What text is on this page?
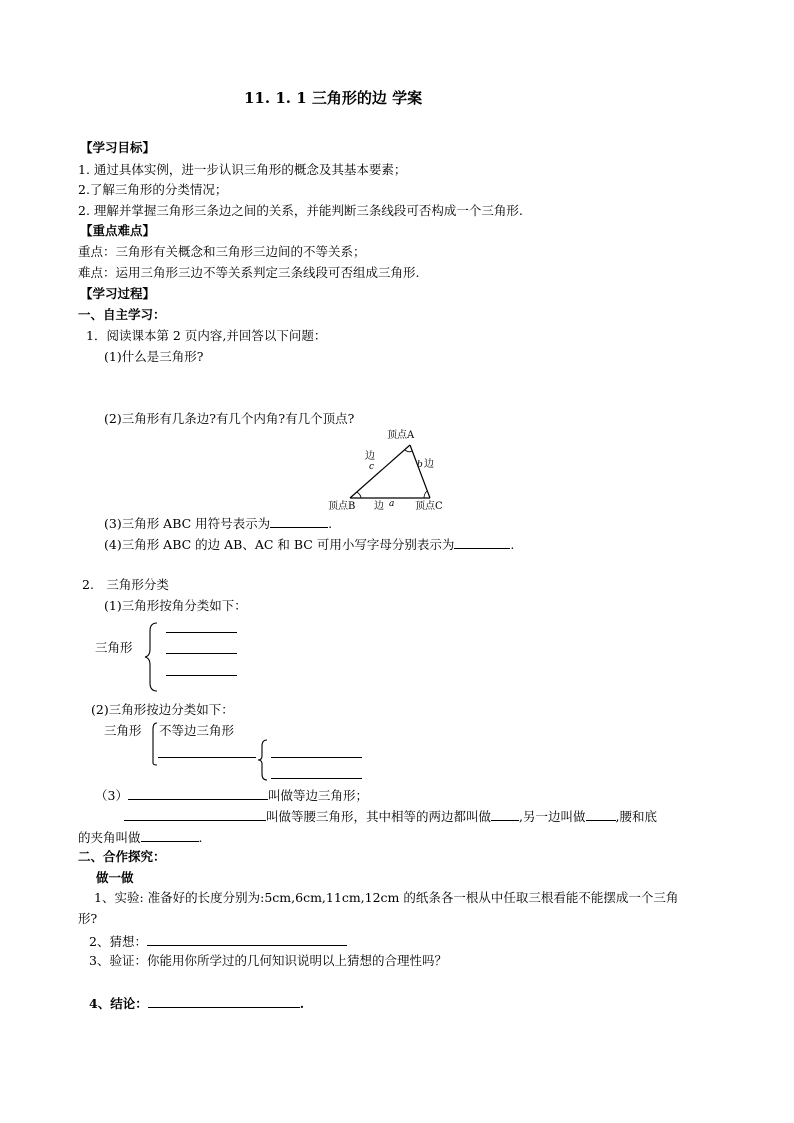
11. 1. 1 三角形的边 学案
【学习目标】
1. 通过具体实例，进一步认识三角形的概念及其基本要素；
2.了解三角形的分类情况；
2. 理解并掌握三角形三条边之间的关系，并能判断三条线段可否构成一个三角形.
【重点难点】
重点：三角形有关概念和三角形三边间的不等关系；
难点：运用三角形三边不等关系判定三条线段可否组成三角形.
【学习过程】
一、自主学习：
1．阅读课本第 2 页内容,并回答以下问题：
(1)什么是三角形?
(2)三角形有几条边?有几个内角?有几个顶点?
顶点A
边
c	b 边
顶点B 边 a 顶点C
(3)三角形 ABC 用符号表示为	.
(4)三角形 ABC 的边 AB、AC 和 BC 可用小写字母分别表示为	.
2.　三角形分类
(1)三角形按角分类如下：
三角形
(2)三角形按边分类如下：
三角形 不等边三角形
（3）	叫做等边三角形；
叫做等腰三角形，其中相等的两边都叫做 ,另一边叫做 ,腰和底
的夹角叫做	.
二、合作探究：
做一做
1、实验: 准备好的长度分别为:5cm,6cm,11cm,12cm 的纸条各一根从中任取三根看能不能摆成一个三角
形?
2、猜想：
3、验证：你能用你所学过的几何知识说明以上猜想的合理性吗？
4、结论：	.
